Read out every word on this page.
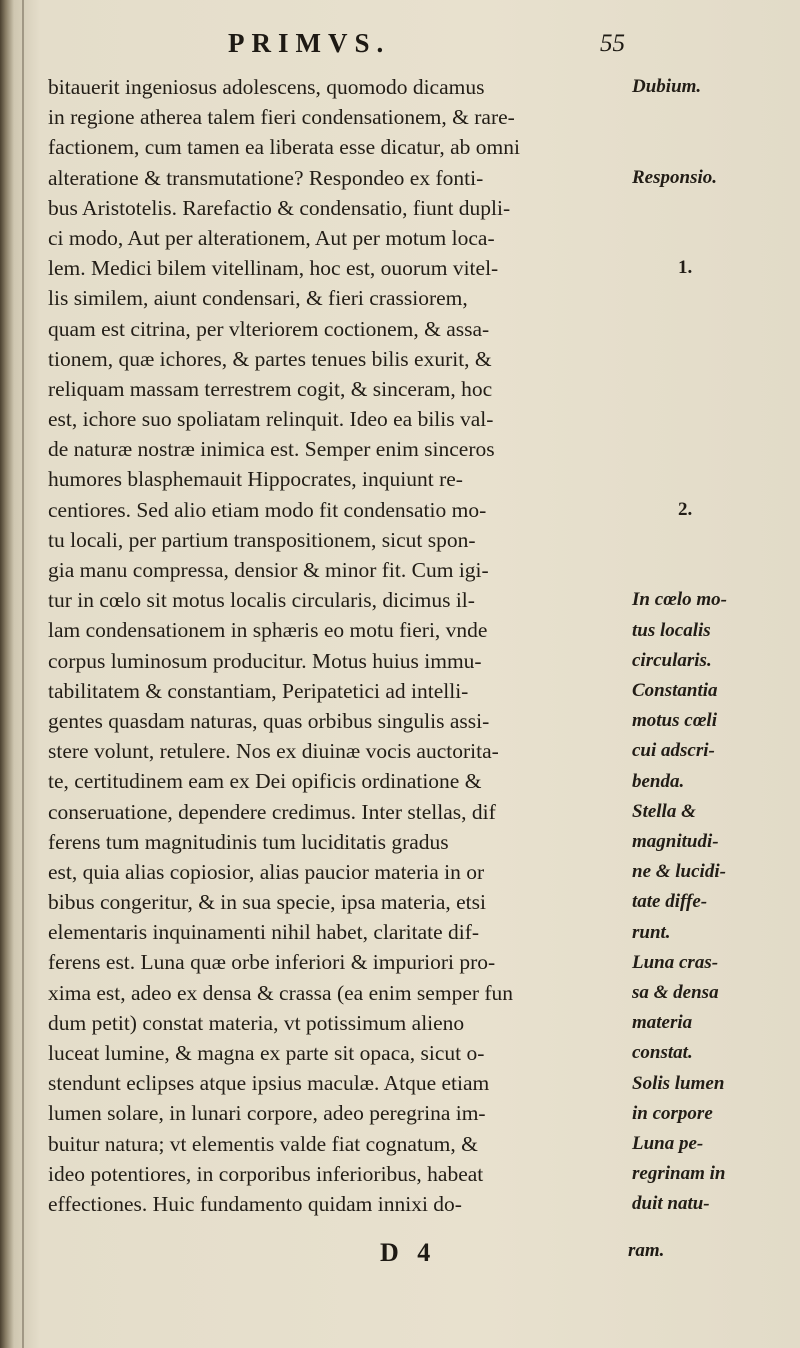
PRIMVS.	55
bitauerit ingeniosus adolescens, quomodo dicamus
in regione atherea talem fieri condensationem, & rare-
factionem, cum tamen ea liberata esse dicatur, ab omni
alteratione & transmutatione? Respondeo ex fonti-
bus Aristotelis. Rarefactio & condensatio, fiunt dupli-
ci modo, Aut per alterationem, Aut per motum loca-
lem. Medici bilem vitellinam, hoc est, ouorum vitel-
lis similem, aiunt condensari, & fieri crassiorem,
quam est citrina, per vlteriorem coctionem, & assa-
tionem, quæ ichores, & partes tenues bilis exurit, &
reliquam massam terrestrem cogit, & sinceram, hoc
est, ichore suo spoliatam relinquit. Ideo ea bilis val-
de naturæ nostræ inimica est. Semper enim sinceros
humores blasphemauit Hippocrates, inquiunt re-
centiores. Sed alio etiam modo fit condensatio mo-
tu locali, per partium transpositionem, sicut spon-
gia manu compressa, densior & minor fit. Cum igi-
tur in cœlo sit motus localis circularis, dicimus il-
lam condensationem in sphæris eo motu fieri, vnde
corpus luminosum producitur. Motus huius immu-
tabilitatem & constantiam, Peripatetici ad intelli-
gentes quasdam naturas, quas orbibus singulis assi-
stere volunt, retulere. Nos ex diuinæ vocis auctorita-
te, certitudinem eam ex Dei opificis ordinatione &
conseruatione, dependere credimus. Inter stellas, dif
ferens tum magnitudinis tum luciditatis gradus
est, quia alias copiosior, alias paucior materia in or
bibus congeritur, & in sua specie, ipsa materia, etsi
elementaris inquinamenti nihil habet, claritate dif-
ferens est. Luna quæ orbe inferiori & impuriori pro-
xima est, adeo ex densa & crassa (ea enim semper fun
dum petit) constat materia, vt potissimum alieno
luceat lumine, & magna ex parte sit opaca, sicut o-
stendunt eclipses atque ipsius maculæ. Atque etiam
lumen solare, in lunari corpore, adeo peregrina im-
buitur natura; vt elementis valde fiat cognatum, &
ideo potentiores, in corporibus inferioribus, habeat
effectiones. Huic fundamento quidam innixi do-
Dubium.
Responsio.
In cœlo mo-
tus localis
circularis.
Constantia
motus cœli
cui adscri-
benda.
Stella &
magnitudi-
ne & lucidi-
tate diffe-
runt.
Luna cras-
sa & densa
materia
constat.
Solis lumen
in corpore
Luna pe-
regrinam in
duit natu-
1.
2.
D 4	ram.
